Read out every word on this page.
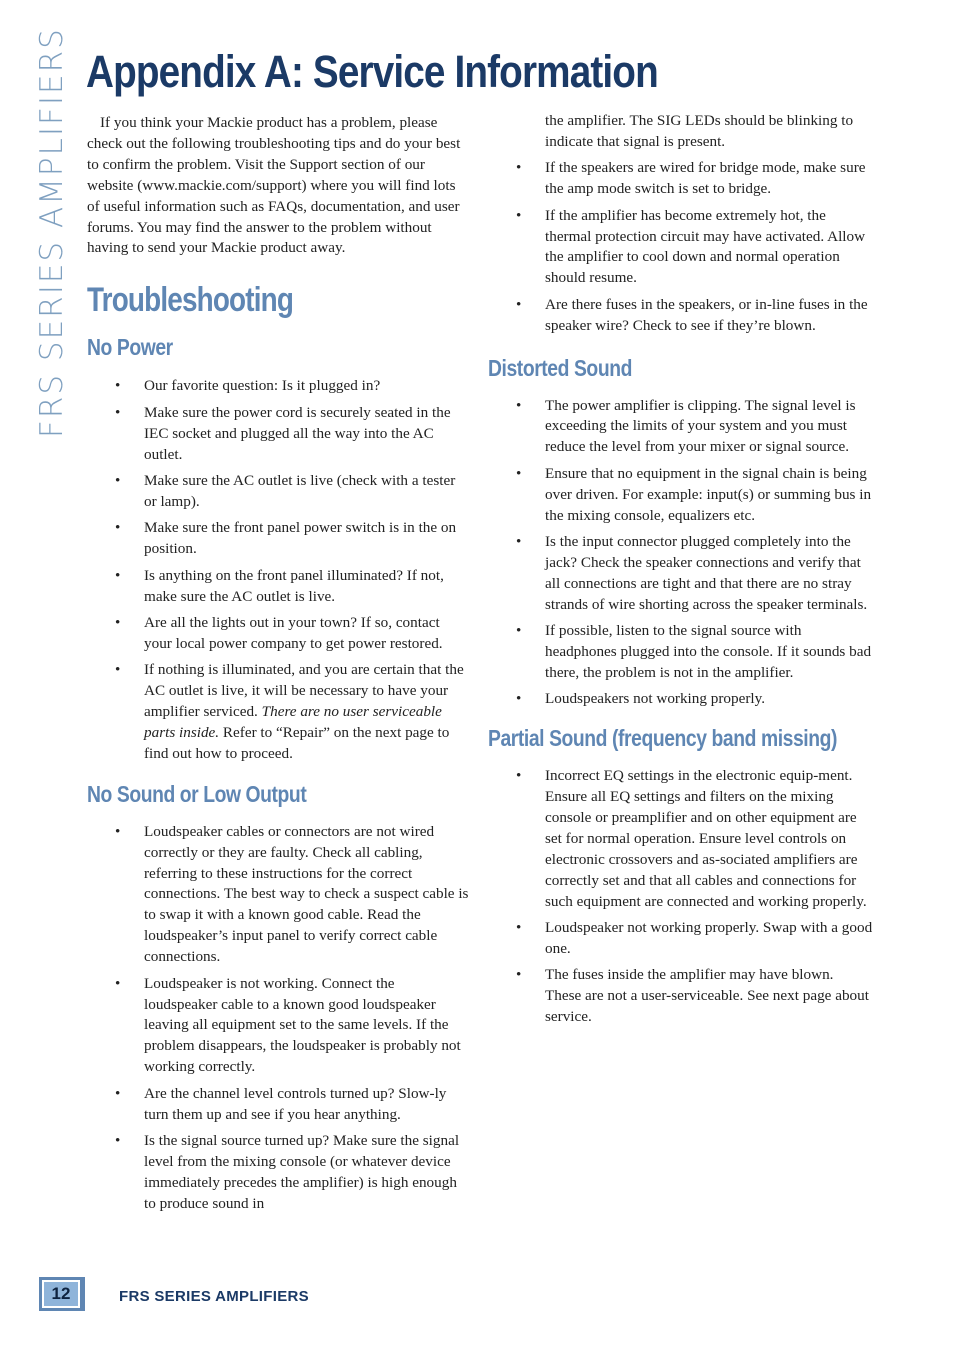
FRS SERIES AMPLIFIERS Appendix A: Service Information

If you think your Mackie product has a problem, please check out the following troubleshooting tips and do your best to confirm the problem. Visit the Support section of our website (www.mackie.com/support) where you will find lots of useful information such as FAQs, documentation, and user forums. You may find the answer to the problem without having to send your Mackie product away.

Troubleshooting
No Power
• Our favorite question: Is it plugged in?
• Make sure the power cord is securely seated in the IEC socket and plugged all the way into the AC outlet.
• Make sure the AC outlet is live (check with a tester or lamp).
• Make sure the front panel power switch is in the on position.
• Is anything on the front panel illuminated? If not, make sure the AC outlet is live.
• Are all the lights out in your town? If so, contact your local power company to get power restored.
• If nothing is illuminated, and you are certain that the AC outlet is live, it will be necessary to have your amplifier serviced. There are no user serviceable parts inside. Refer to “Repair” on the next page to find out how to proceed.
No Sound or Low Output
• Loudspeaker cables or connectors are not wired correctly or they are faulty. Check all cabling, referring to these instructions for the correct connections. The best way to check a suspect cable is to swap it with a known good cable. Read the loudspeaker’s input panel to verify correct cable connections.
• Loudspeaker is not working. Connect the loudspeaker cable to a known good loudspeaker leaving all equipment set to the same levels. If the problem disappears, the loudspeaker is probably not working correctly.
• Are the channel level controls turned up? Slow-ly turn them up and see if you hear anything.
• Is the signal source turned up? Make sure the signal level from the mixing console (or whatever device immediately precedes the amplifier) is high enough to produce sound in

the amplifier. The SIG LEDs should be blinking to indicate that signal is present.

• If the speakers are wired for bridge mode, make sure the amp mode switch is set to bridge.
• If the amplifier has become extremely hot, the thermal protection circuit may have activated. Allow the amplifier to cool down and normal operation should resume.
• Are there fuses in the speakers, or in-line fuses in the speaker wire? Check to see if they’re blown.
Distorted Sound
• The power amplifier is clipping. The signal level is exceeding the limits of your system and you must reduce the level from your mixer or signal source.
• Ensure that no equipment in the signal chain is being over driven. For example: input(s) or summing bus in the mixing console, equalizers etc.
• Is the input connector plugged completely into the jack? Check the speaker connections and verify that all connections are tight and that there are no stray strands of wire shorting across the speaker terminals.
• If possible, listen to the signal source with headphones plugged into the console. If it sounds bad there, the problem is not in the amplifier.
• Loudspeakers not working properly.
Partial Sound (frequency band missing)
• Incorrect EQ settings in the electronic equip-ment. Ensure all EQ settings and filters on the mixing console or preamplifier and on other equipment are set for normal operation. Ensure level controls on electronic crossovers and as-sociated amplifiers are correctly set and that all cables and connections for such equipment are connected and working properly.
• Loudspeaker not working properly. Swap with a good one.
• The fuses inside the amplifier may have blown. These are not a user-serviceable. See next page about service.
12	FRS SERIES AMPLIFIERS
